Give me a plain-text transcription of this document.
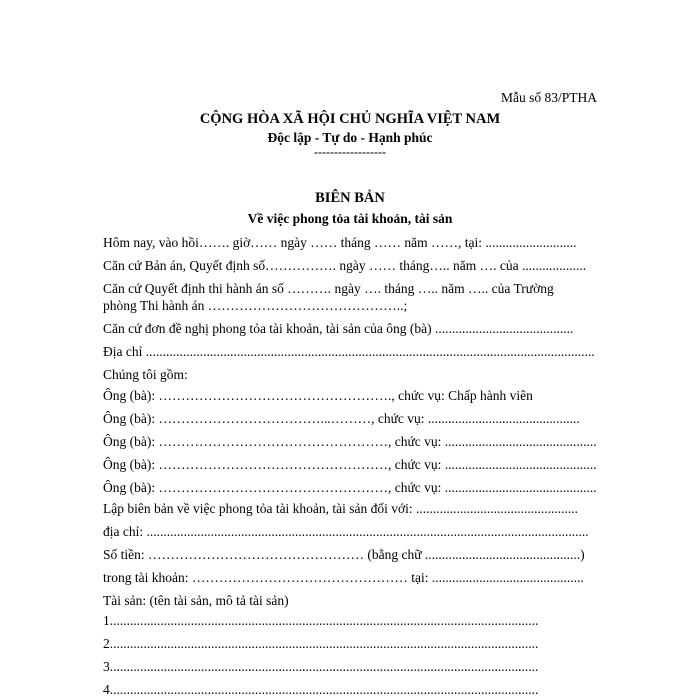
Mẫu số 83/PTHA
CỘNG HÒA XÃ HỘI CHỦ NGHĨA VIỆT NAM
Độc lập - Tự do - Hạnh phúc
------------------
BIÊN BẢN
Về việc phong tỏa tài khoản, tài sản
Hôm nay, vào hồi……. giờ…… ngày …… tháng …… năm ……, tại: ...........................
Căn cứ Bản án, Quyết định số……………. ngày …… tháng….. năm …. của ...................
Căn cứ Quyết định thi hành án số ………. ngày …. tháng ….. năm ….. của Trường
phòng Thi hành án ……………………………………..;
Căn cứ đơn đề nghị phong tỏa tài khoản, tài sản của ông (bà) .........................................
Địa chỉ .....................................................................................................................................
Chúng tôi gồm:
Ông (bà): ……………………………………………., chức vụ: Chấp hành viên
Ông (bà): ………………………………...………, chức vụ: .............................................
Ông (bà): ……………………………………………, chức vụ: .............................................
Ông (bà): ……………………………………………, chức vụ: .............................................
Ông (bà): ……………………………………………, chức vụ: .............................................
Lập biên bản về việc phong tỏa tài khoản, tài sản đối với: ................................................
địa chỉ: ...................................................................................................................................
Số tiền: ………………………………………… (bằng chữ ..............................................)
trong tài khoản: ………………………………………… tại: .............................................
Tài sản: (tên tài sản, mô tả tài sản)
1...............................................................................................................................
2...............................................................................................................................
3...............................................................................................................................
4...............................................................................................................................
